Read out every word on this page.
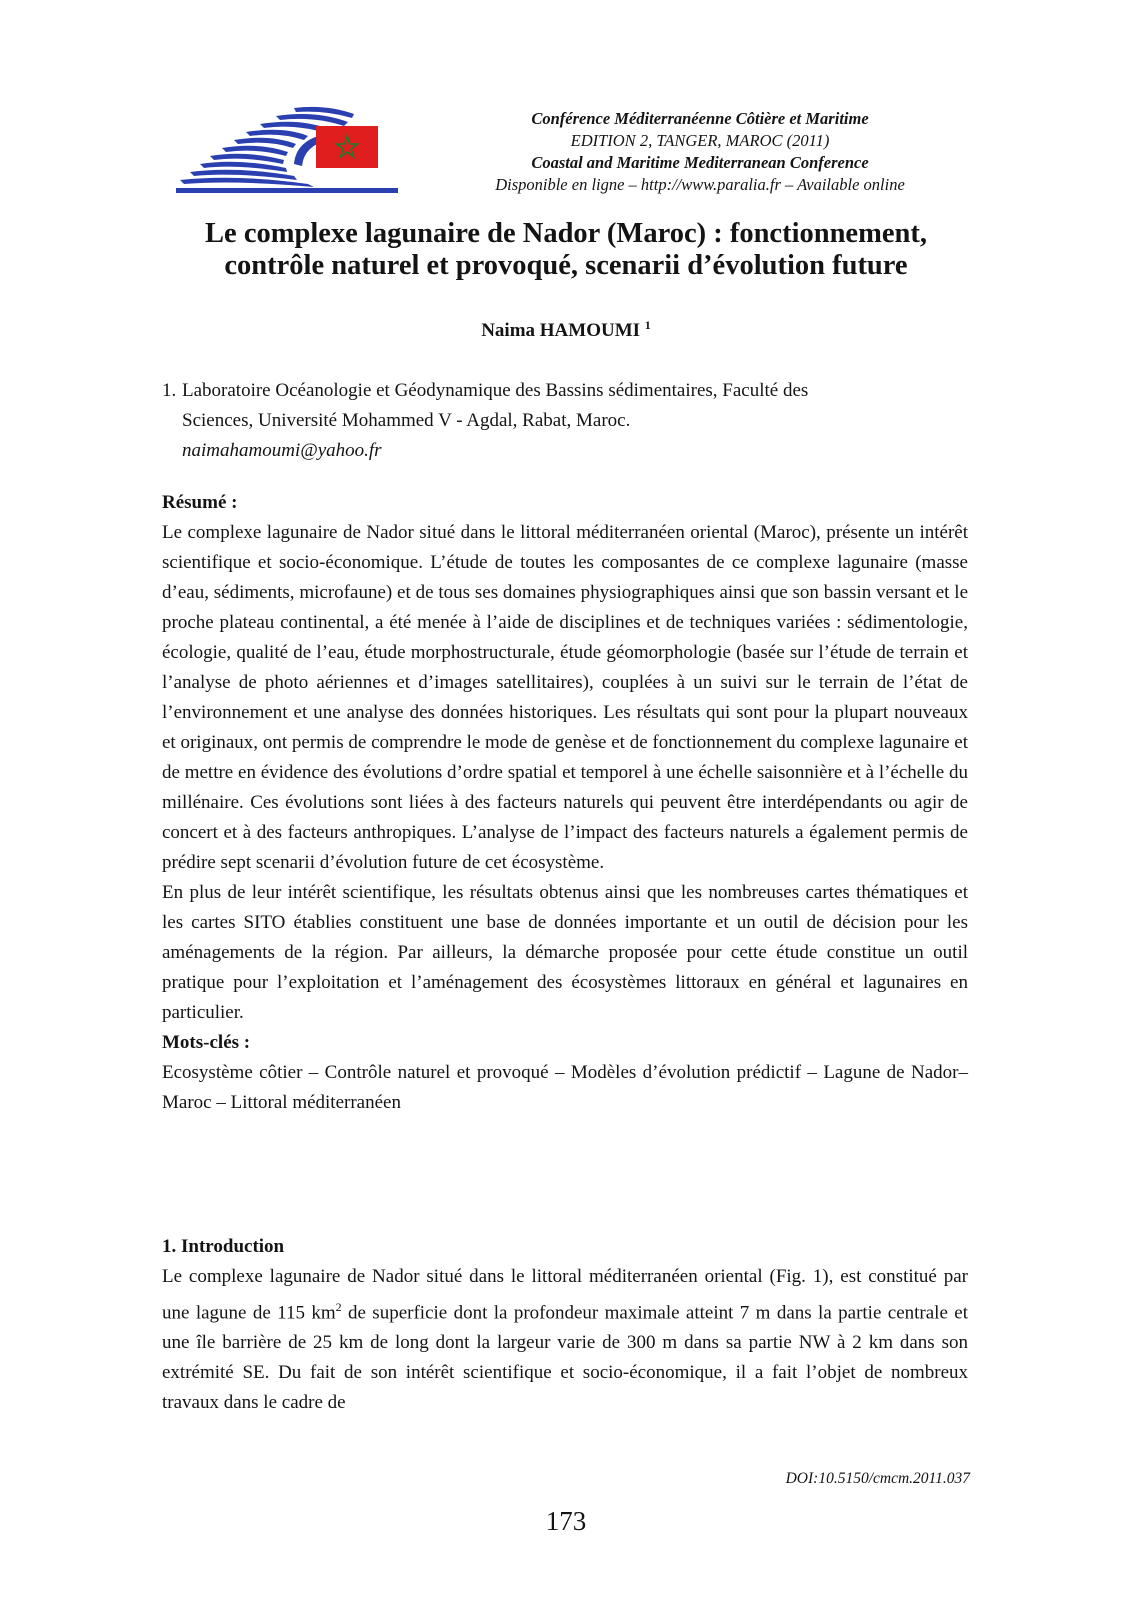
Conférence Méditerranéenne Côtière et Maritime
EDITION 2, TANGER, MAROC (2011)
Coastal and Maritime Mediterranean Conference
Disponible en ligne – http://www.paralia.fr – Available online
Le complexe lagunaire de Nador (Maroc) : fonctionnement,
contrôle naturel et provoqué, scenarii d’évolution future
Naima HAMOUMI $^1$
1. Laboratoire Océanologie et Géodynamique des Bassins sédimentaires, Faculté des
Sciences, Université Mohammed V - Agdal, Rabat, Maroc.
naimahamoumi@yahoo.fr
Résumé :

Le complexe lagunaire de Nador situé dans le littoral méditerranéen oriental (Maroc), présente un intérêt scientifique et socio-économique. L’étude de toutes les composantes de ce complexe lagunaire (masse d’eau, sédiments, microfaune) et de tous ses domaines physiographiques ainsi que son bassin versant et le proche plateau continental, a été menée à l’aide de disciplines et de techniques variées : sédimentologie, écologie, qualité de l’eau, étude morphostructurale, étude géomorphologie (basée sur l’étude de terrain et l’analyse de photo aériennes et d’images satellitaires), couplées à un suivi sur le terrain de l’état de l’environnement et une analyse des données historiques. Les résultats qui sont pour la plupart nouveaux et originaux, ont permis de comprendre le mode de genèse et de fonctionnement du complexe lagunaire et de mettre en évidence des évolutions d’ordre spatial et temporel à une échelle saisonnière et à l’échelle du millénaire. Ces évolutions sont liées à des facteurs naturels qui peuvent être interdépendants ou agir de concert et à des facteurs anthropiques. L’analyse de l’impact des facteurs naturels a également permis de prédire sept scenarii d’évolution future de cet écosystème.

En plus de leur intérêt scientifique, les résultats obtenus ainsi que les nombreuses cartes thématiques et les cartes SITO établies constituent une base de données importante et un outil de décision pour les aménagements de la région. Par ailleurs, la démarche proposée pour cette étude constitue un outil pratique pour l’exploitation et l’aménagement des écosystèmes littoraux en général et lagunaires en particulier.

Mots-clés :

Ecosystème côtier – Contrôle naturel et provoqué – Modèles d’évolution prédictif – Lagune de Nador– Maroc – Littoral méditerranéen

1. Introduction

Le complexe lagunaire de Nador situé dans le littoral méditerranéen oriental (Fig. 1), est constitué par une lagune de 115 $km^2$ de superficie dont la profondeur maximale atteint 7 m dans la partie centrale et une île barrière de 25 km de long dont la largeur varie de 300 m dans sa partie NW à 2 km dans son extrémité SE. Du fait de son intérêt scientifique et socio-économique, il a fait l’objet de nombreux travaux dans le cadre de

DOI:10.5150/cmcm.2011.037
173
